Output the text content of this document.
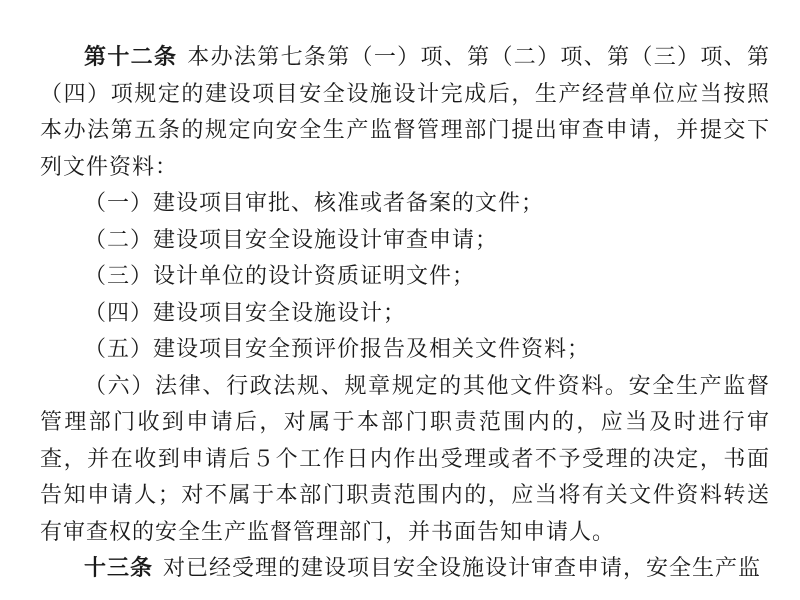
第十二条 本办法第七条第（一）项、第（二）项、第（三）项、第（四）项规定的建设项目安全设施设计完成后，生产经营单位应当按照本办法第五条的规定向安全生产监督管理部门提出审查申请，并提交下列文件资料：

（一）建设项目审批、核准或者备案的文件；
（二）建设项目安全设施设计审查申请；
（三）设计单位的设计资质证明文件；
（四）建设项目安全设施设计；
（五）建设项目安全预评价报告及相关文件资料；

（六）法律、行政法规、规章规定的其他文件资料。安全生产监督管理部门收到申请后，对属于本部门职责范围内的，应当及时进行审查，并在收到申请后５个工作日内作出受理或者不予受理的决定，书面告知申请人；对不属于本部门职责范围内的，应当将有关文件资料转送有审查权的安全生产监督管理部门，并书面告知申请人。

十三条 对已经受理的建设项目安全设施设计审查申请，安全生产监
